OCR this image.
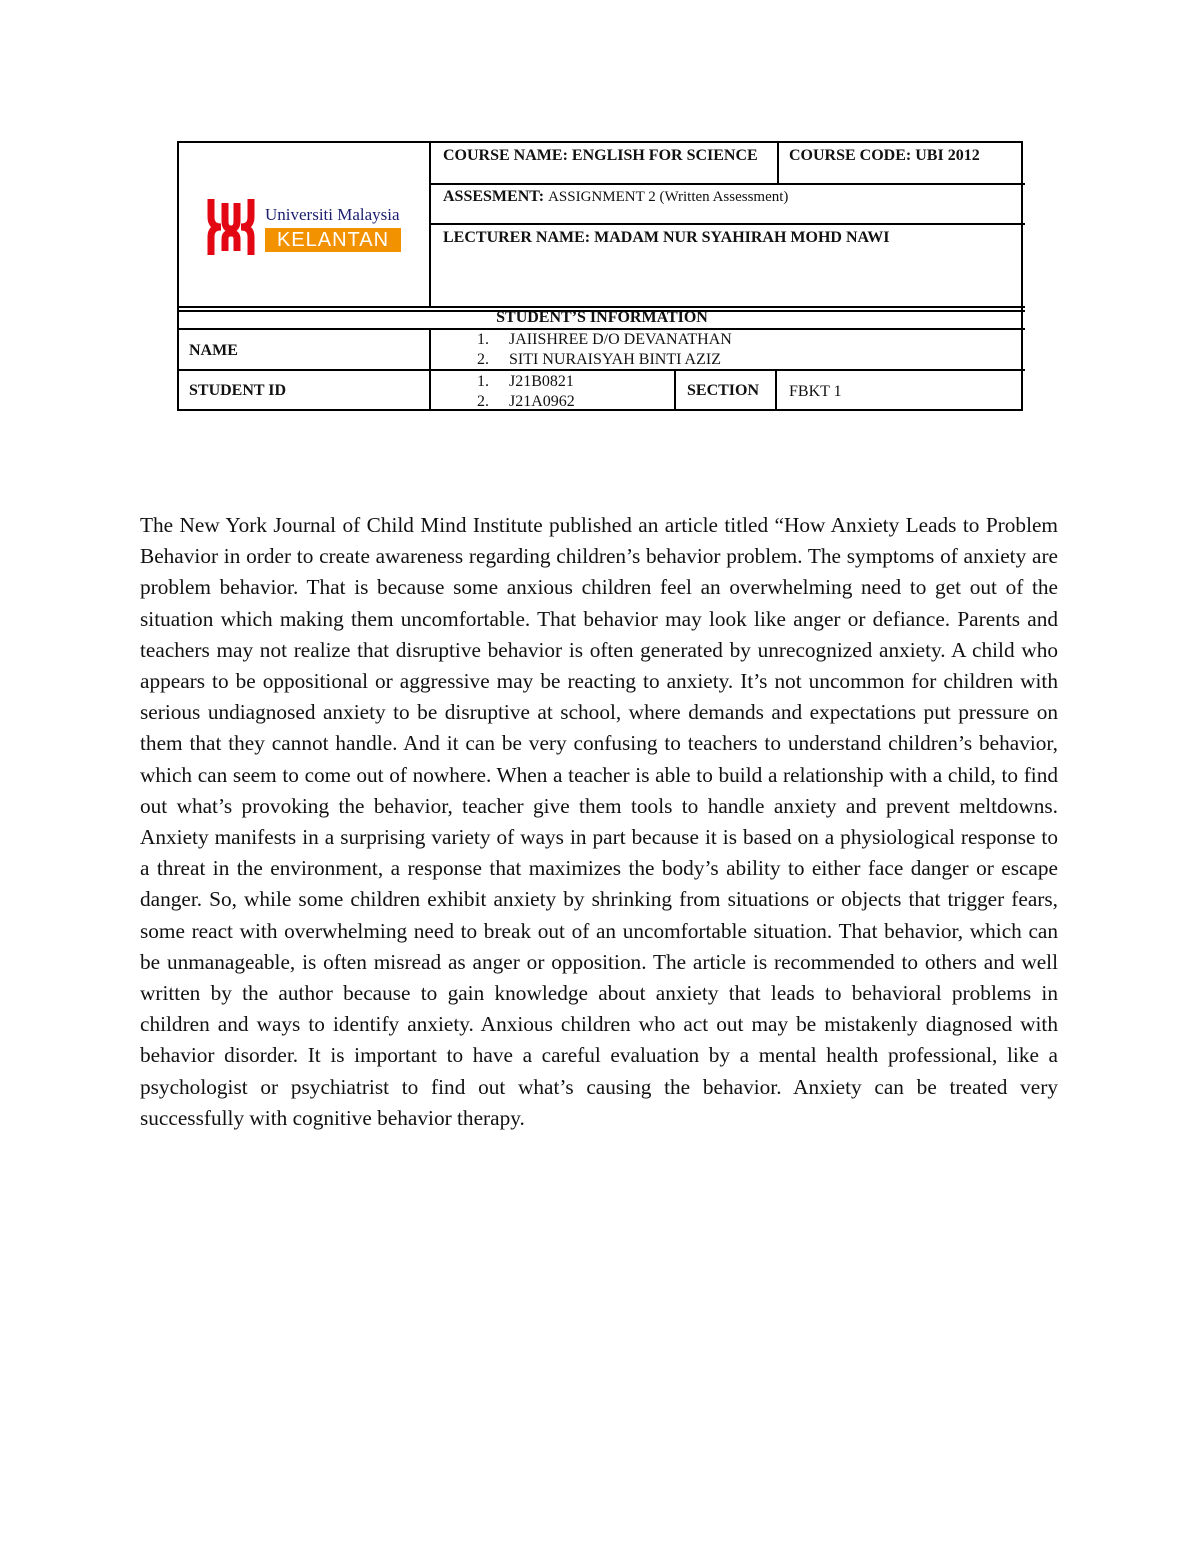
Universiti Malaysia
KELANTAN
COURSE NAME: ENGLISH FOR SCIENCE	COURSE CODE: UBI 2012
ASSESMENT: ASSIGNMENT 2 (Written Assessment)
LECTURER NAME: MADAM NUR SYAHIRAH MOHD NAWI
STUDENT’S INFORMATION
NAME
1. JAIISHREE D/O DEVANATHAN
2. SITI NURAISYAH BINTI AZIZ
STUDENT ID
1. J21B0821
2. J21A0962
SECTION FBKT 1
The New York Journal of Child Mind Institute published an article titled “How Anxiety Leads to Problem Behavior in order to create awareness regarding children’s behavior problem. The symptoms of anxiety are problem behavior. That is because some anxious children feel an overwhelming need to get out of the situation which making them uncomfortable. That behavior may look like anger or defiance. Parents and teachers may not realize that disruptive behavior is often generated by unrecognized anxiety. A child who appears to be oppositional or aggressive may be reacting to anxiety. It’s not uncommon for children with serious undiagnosed anxiety to be disruptive at school, where demands and expectations put pressure on them that they cannot handle. And it can be very confusing to teachers to understand children’s behavior, which can seem to come out of nowhere. When a teacher is able to build a relationship with a child, to find out what’s provoking the behavior, teacher give them tools to handle anxiety and prevent meltdowns. Anxiety manifests in a surprising variety of ways in part because it is based on a physiological response to a threat in the environment, a response that maximizes the body’s ability to either face danger or escape danger. So, while some children exhibit anxiety by shrinking from situations or objects that trigger fears, some react with overwhelming need to break out of an uncomfortable situation. That behavior, which can be unmanageable, is often misread as anger or opposition. The article is recommended to others and well written by the author because to gain knowledge about anxiety that leads to behavioral problems in children and ways to identify anxiety. Anxious children who act out may be mistakenly diagnosed with behavior disorder. It is important to have a careful evaluation by a mental health professional, like a psychologist or psychiatrist to find out what’s causing the behavior. Anxiety can be treated very successfully with cognitive behavior therapy.
